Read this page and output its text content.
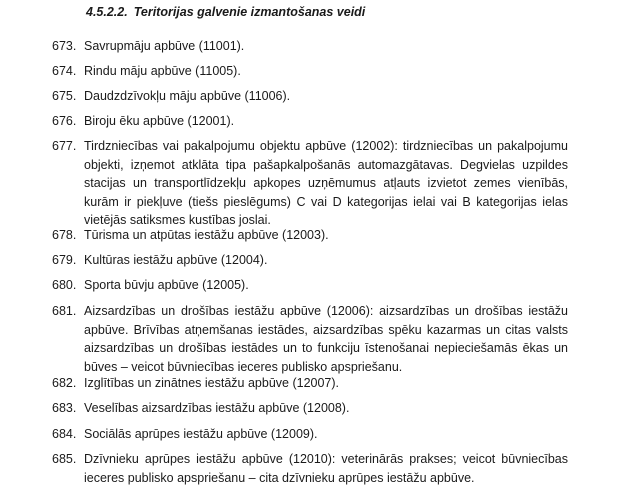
4.5.2.2. Teritorijas galvenie izmantošanas veidi
673. Savrupmāju apbūve (11001).
674. Rindu māju apbūve (11005).
675. Daudzdzīvokļu māju apbūve (11006).
676. Biroju ēku apbūve (12001).
677. Tirdzniecības vai pakalpojumu objektu apbūve (12002): tirdzniecības un pakalpojumu objekti, izņemot atklāta tipa pašapkalpošanās automazgātavas. Degvielas uzpildes stacijas un transportlīdzekļu apkopes uzņēmumus atļauts izvietot zemes vienībās, kurām ir piekļuve (tiešs pieslēgums) C vai D kategorijas ielai vai B kategorijas ielas vietējās satiksmes kustības joslai.
678. Tūrisma un atpūtas iestāžu apbūve (12003).
679. Kultūras iestāžu apbūve (12004).
680. Sporta būvju apbūve (12005).
681. Aizsardzības un drošības iestāžu apbūve (12006): aizsardzības un drošības iestāžu apbūve. Brīvības atņemšanas iestādes, aizsardzības spēku kazarmas un citas valsts aizsardzības un drošības iestādes un to funkciju īstenošanai nepieciešamās ēkas un būves – veicot būvniecības ieceres publisko apspriešanu.
682. Izglītības un zinātnes iestāžu apbūve (12007).
683. Veselības aizsardzības iestāžu apbūve (12008).
684. Sociālās aprūpes iestāžu apbūve (12009).
685. Dzīvnieku aprūpes iestāžu apbūve (12010): veterinārās prakses; veicot būvniecības ieceres publisko apspriešanu – cita dzīvnieku aprūpes iestāžu apbūve.
